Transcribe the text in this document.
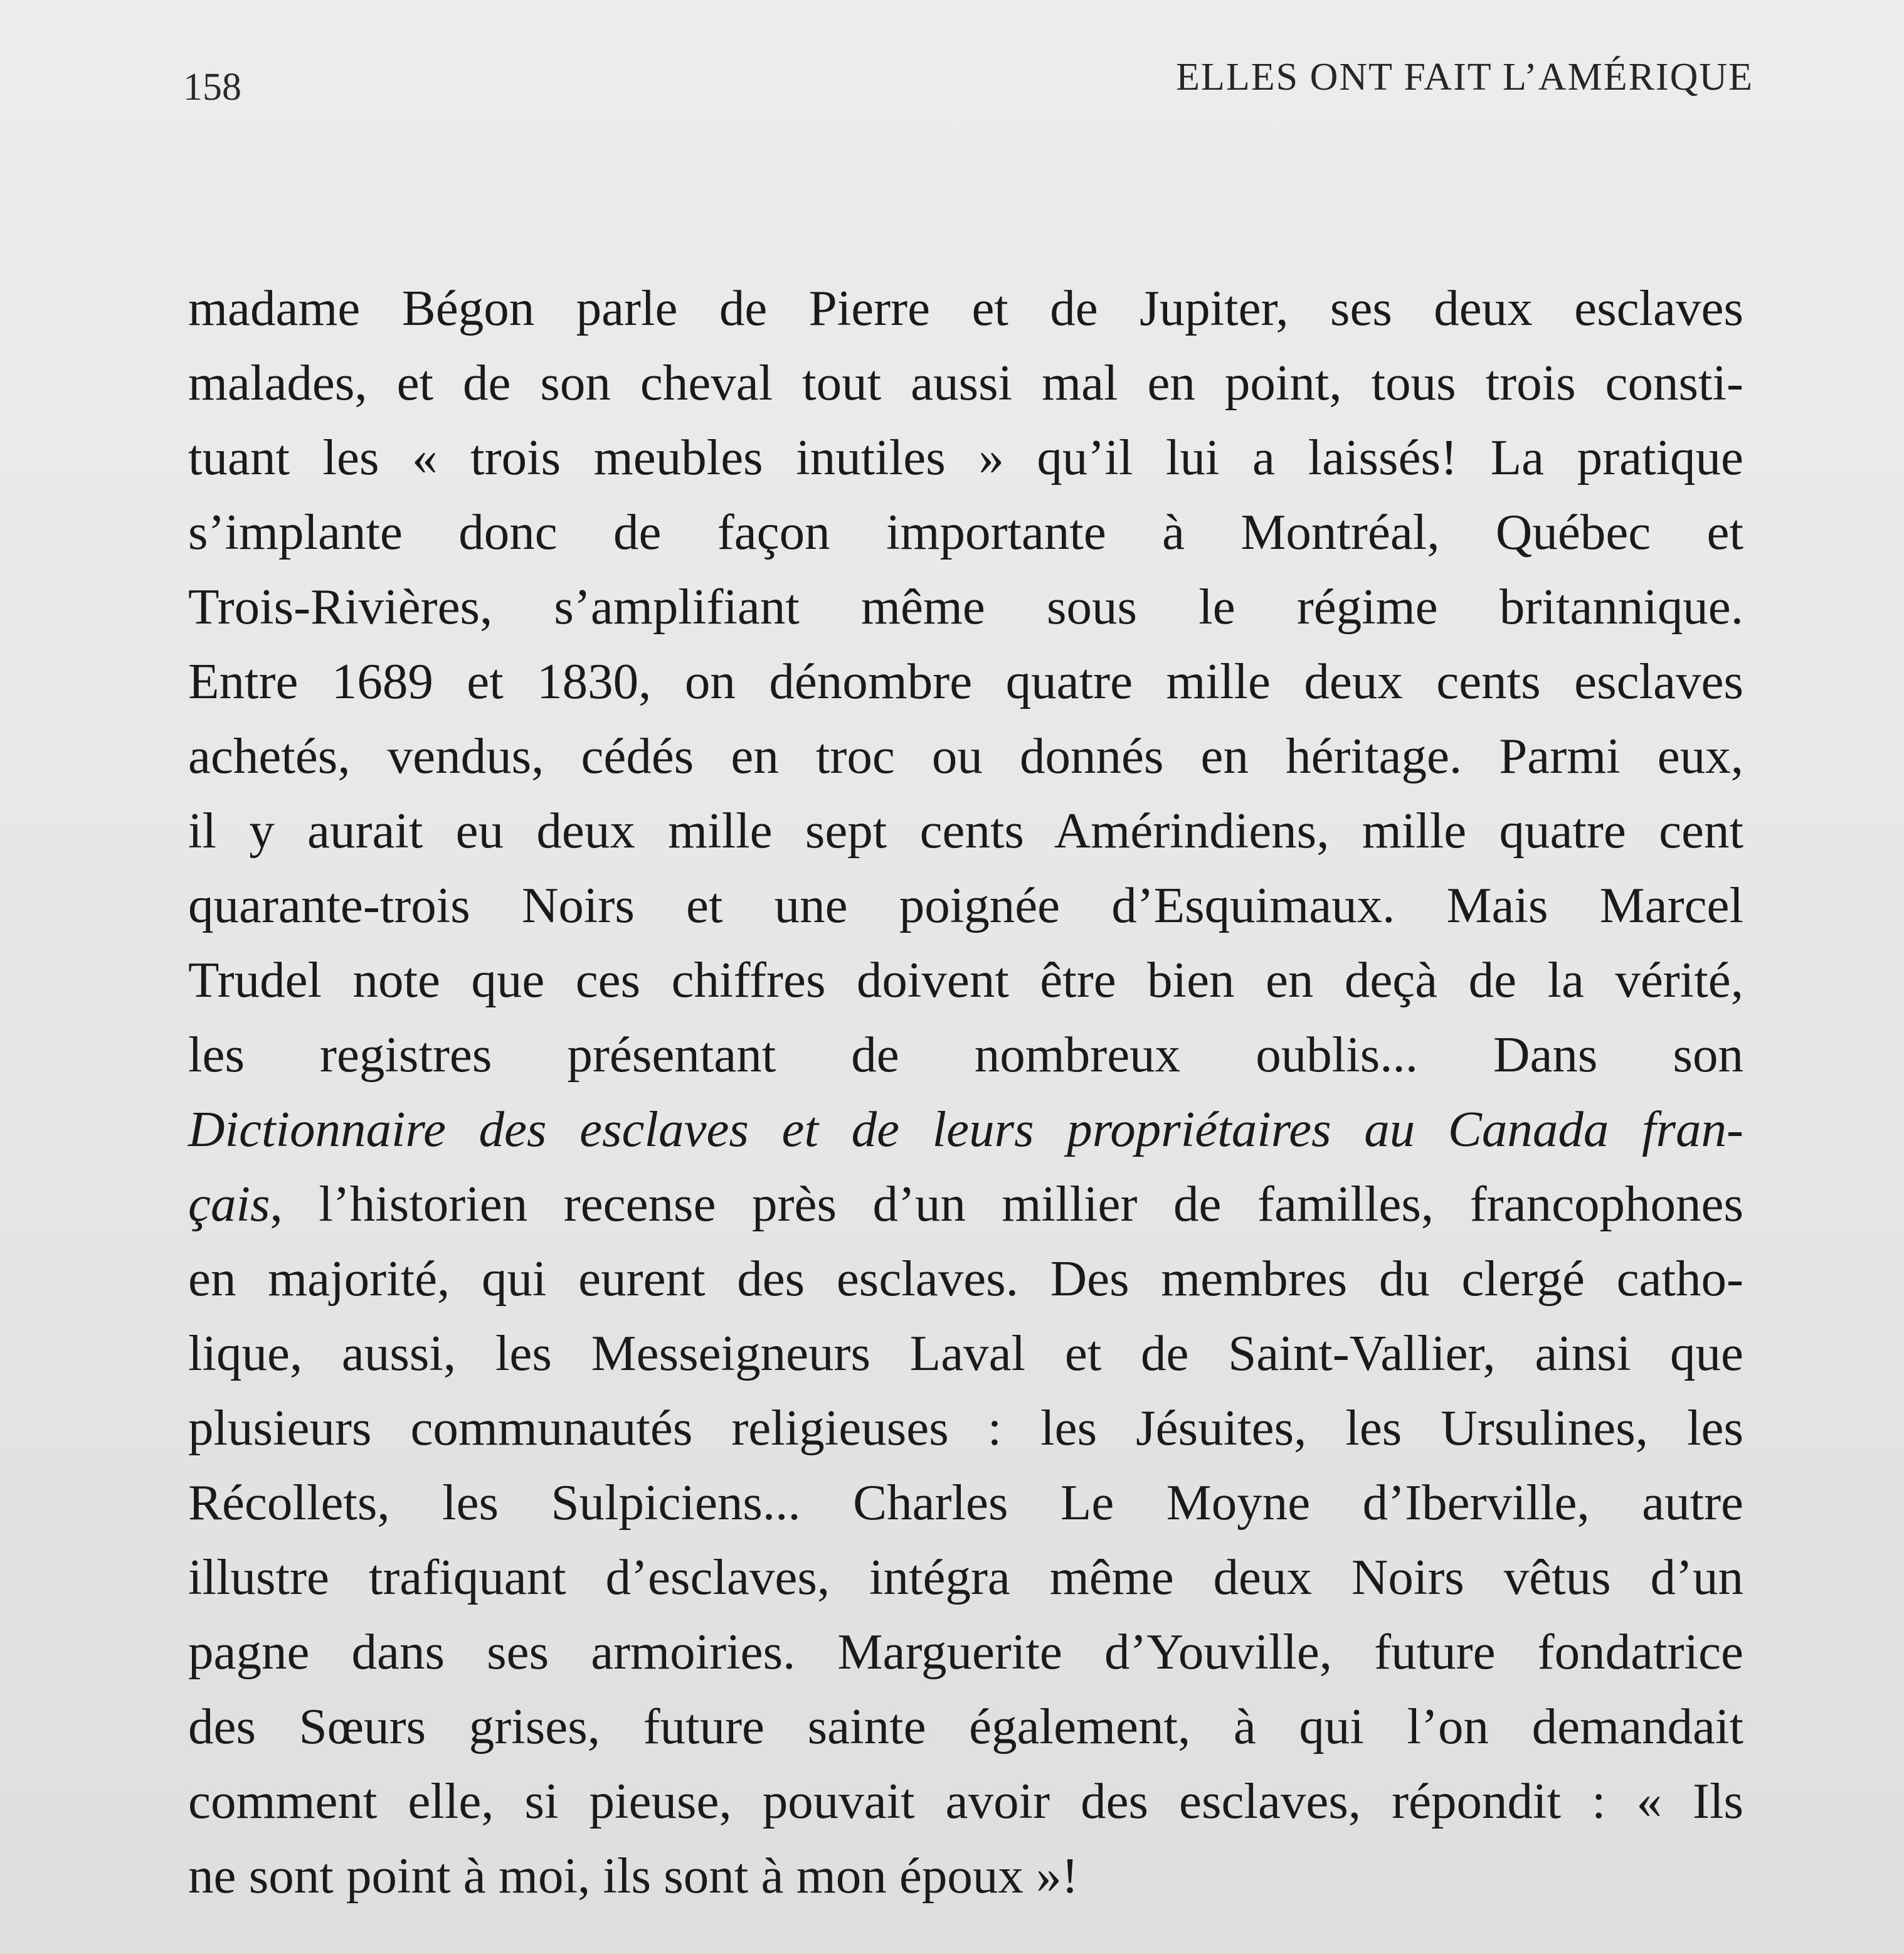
158	ELLES ONT FAIT L’AMÉRIQUE
madame Bégon parle de Pierre et de Jupiter, ses deux esclaves
malades, et de son cheval tout aussi mal en point, tous trois consti-
tuant les « trois meubles inutiles » qu’il lui a laissés! La pratique
s’implante donc de façon importante à Montréal, Québec et
Trois-Rivières, s’amplifiant même sous le régime britannique.
Entre 1689 et 1830, on dénombre quatre mille deux cents esclaves
achetés, vendus, cédés en troc ou donnés en héritage. Parmi eux,
il y aurait eu deux mille sept cents Amérindiens, mille quatre cent
quarante-trois Noirs et une poignée d’Esquimaux. Mais Marcel
Trudel note que ces chiffres doivent être bien en deçà de la vérité,
les registres présentant de nombreux oublis... Dans son
Dictionnaire des esclaves et de leurs propriétaires au Canada fran-
çais, l’historien recense près d’un millier de familles, francophones
en majorité, qui eurent des esclaves. Des membres du clergé catho-
lique, aussi, les Messeigneurs Laval et de Saint-Vallier, ainsi que
plusieurs communautés religieuses : les Jésuites, les Ursulines, les
Récollets, les Sulpiciens... Charles Le Moyne d’Iberville, autre
illustre trafiquant d’esclaves, intégra même deux Noirs vêtus d’un
pagne dans ses armoiries. Marguerite d’Youville, future fondatrice
des Sœurs grises, future sainte également, à qui l’on demandait
comment elle, si pieuse, pouvait avoir des esclaves, répondit : « Ils
ne sont point à moi, ils sont à mon époux »!
